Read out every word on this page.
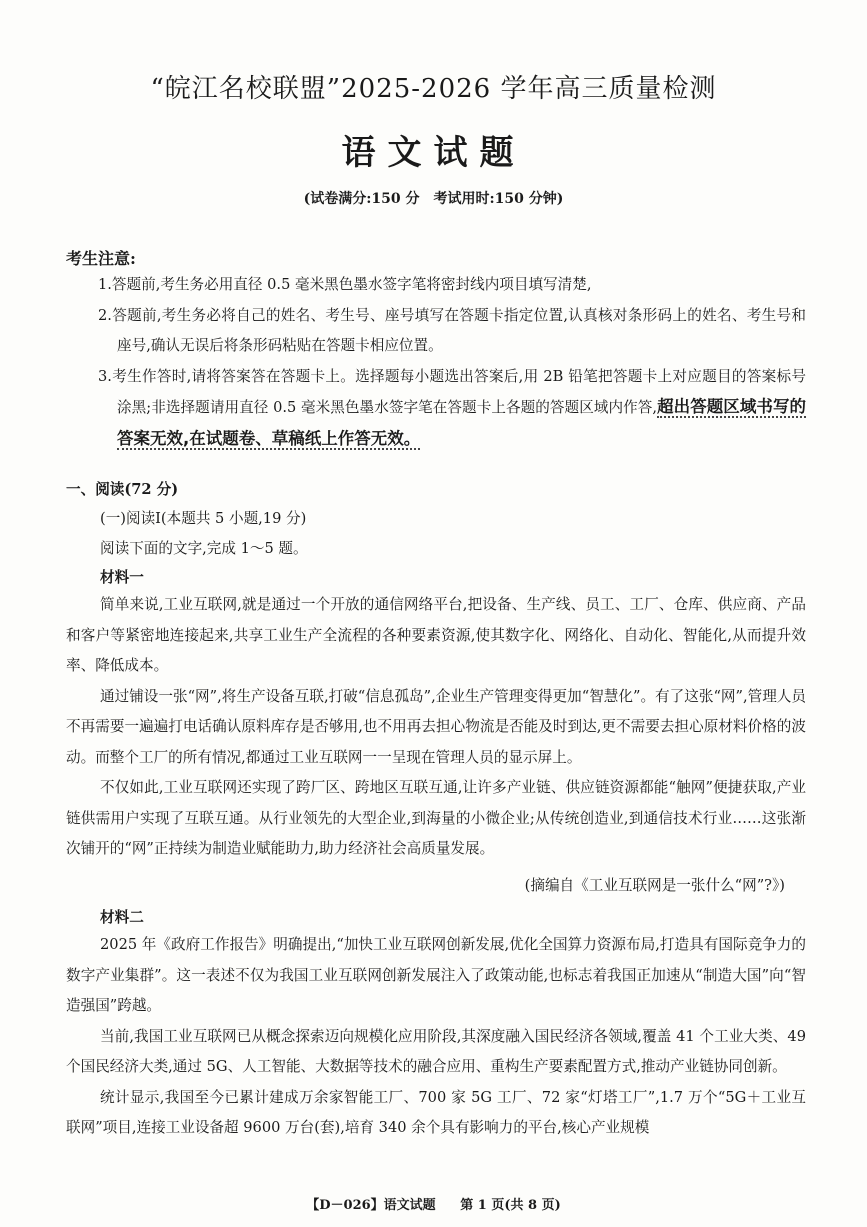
“皖江名校联盟”2025-2026 学年高三质量检测
语文试题
(试卷满分:150 分　考试用时:150 分钟)
考生注意:
1.答题前,考生务必用直径 0.5 毫米黑色墨水签字笔将密封线内项目填写清楚,
2.答题前,考生务必将自己的姓名、考生号、座号填写在答题卡指定位置,认真核对条形码上的姓名、考生号和座号,确认无误后将条形码粘贴在答题卡相应位置。
3.考生作答时,请将答案答在答题卡上。选择题每小题选出答案后,用 2B 铅笔把答题卡上对应题目的答案标号涂黑;非选择题请用直径 0.5 毫米黑色墨水签字笔在答题卡上各题的答题区域内作答,超出答题区域书写的答案无效,在试题卷、草稿纸上作答无效。
一、阅读(72 分)
(一)阅读Ⅰ(本题共 5 小题,19 分)
阅读下面的文字,完成 1～5 题。
材料一

简单来说,工业互联网,就是通过一个开放的通信网络平台,把设备、生产线、员工、工厂、仓库、供应商、产品和客户等紧密地连接起来,共享工业生产全流程的各种要素资源,使其数字化、网络化、自动化、智能化,从而提升效率、降低成本。

通过铺设一张“网”,将生产设备互联,打破“信息孤岛”,企业生产管理变得更加“智慧化”。有了这张“网”,管理人员不再需要一遍遍打电话确认原料库存是否够用,也不用再去担心物流是否能及时到达,更不需要去担心原材料价格的波动。而整个工厂的所有情况,都通过工业互联网一一呈现在管理人员的显示屏上。

不仅如此,工业互联网还实现了跨厂区、跨地区互联互通,让许多产业链、供应链资源都能“触网”便捷获取,产业链供需用户实现了互联互通。从行业领先的大型企业,到海量的小微企业;从传统创造业,到通信技术行业……这张渐次铺开的“网”正持续为制造业赋能助力,助力经济社会高质量发展。

(摘编自《工业互联网是一张什么“网”?》)
材料二

2025 年《政府工作报告》明确提出,“加快工业互联网创新发展,优化全国算力资源布局,打造具有国际竞争力的数字产业集群”。这一表述不仅为我国工业互联网创新发展注入了政策动能,也标志着我国正加速从“制造大国”向“智造强国”跨越。

当前,我国工业互联网已从概念探索迈向规模化应用阶段,其深度融入国民经济各领域,覆盖 41 个工业大类、49 个国民经济大类,通过 5G、人工智能、大数据等技术的融合应用、重构生产要素配置方式,推动产业链协同创新。

统计显示,我国至今已累计建成万余家智能工厂、700 家 5G 工厂、72 家“灯塔工厂”,1.7 万个“5G＋工业互联网”项目,连接工业设备超 9600 万台(套),培育 340 余个具有影响力的平台,核心产业规模

【D－026】语文试题 第 1 页(共 8 页)
